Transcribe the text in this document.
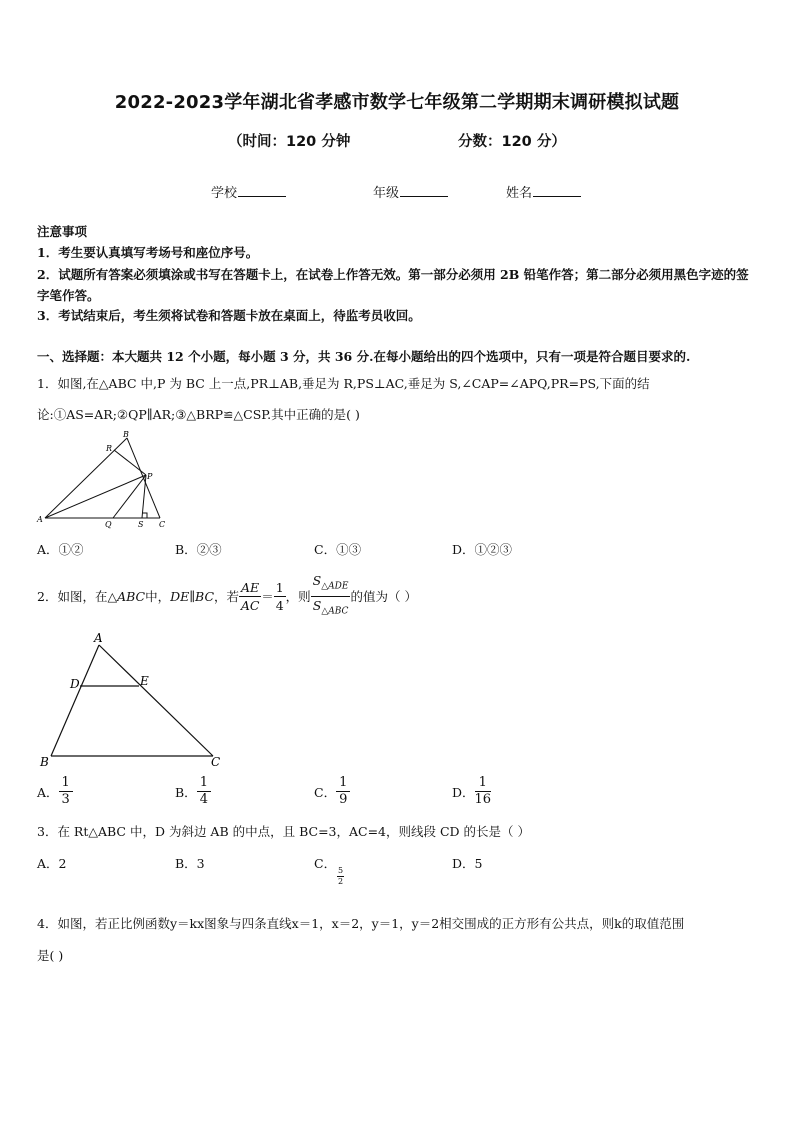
2022-2023学年湖北省孝感市数学七年级第二学期期末调研模拟试题
（时间：120 分钟	分数：120 分）
学校	年级	姓名
注意事项
1．考生要认真填写考场号和座位序号。
2．试题所有答案必须填涂或书写在答题卡上，在试卷上作答无效。第一部分必须用 2B 铅笔作答；第二部分必须用黑色字迹的签字笔作答。
3．考试结束后，考生须将试卷和答题卡放在桌面上，待监考员收回。
一、选择题：本大题共 12 个小题，每小题 3 分，共 36 分.在每小题给出的四个选项中，只有一项是符合题目要求的.
1．如图,在△ABC 中,P 为 BC 上一点,PR⊥AB,垂足为 R,PS⊥AC,垂足为 S,∠CAP=∠APQ,PR=PS,下面的结
论:①AS=AR;②QP∥AR;③△BRP≌△CSP.其中正确的是( )
B
R
P
A
Q	S C
A．①②	B．②③	C．①③	D．①②③
2．如图，在△ ABC 中， DE∥BC ，若 $\frac{AE}{AC} = \frac{1}{4}$ ，则 $\frac{S_{\triangle ADE}}{S_{\triangle ABC}}$ 的值为（ ）
A
D	E
B	C
A． $\frac{1}{3}$	B． $\frac{1}{4}$	C． $\frac{1}{9}$	D． $\frac{1}{16}$
3．在 Rt△ABC 中，D 为斜边 AB 的中点，且 BC=3，AC=4，则线段 CD 的长是（ ）
A．2	B．3	C．
$\frac{5}{2}$
D．5
4．如图，若正比例函数y＝kx图象与四条直线x＝1，x＝2，y＝1，y＝2相交围成的正方形有公共点，则k的取值范围
是( )
